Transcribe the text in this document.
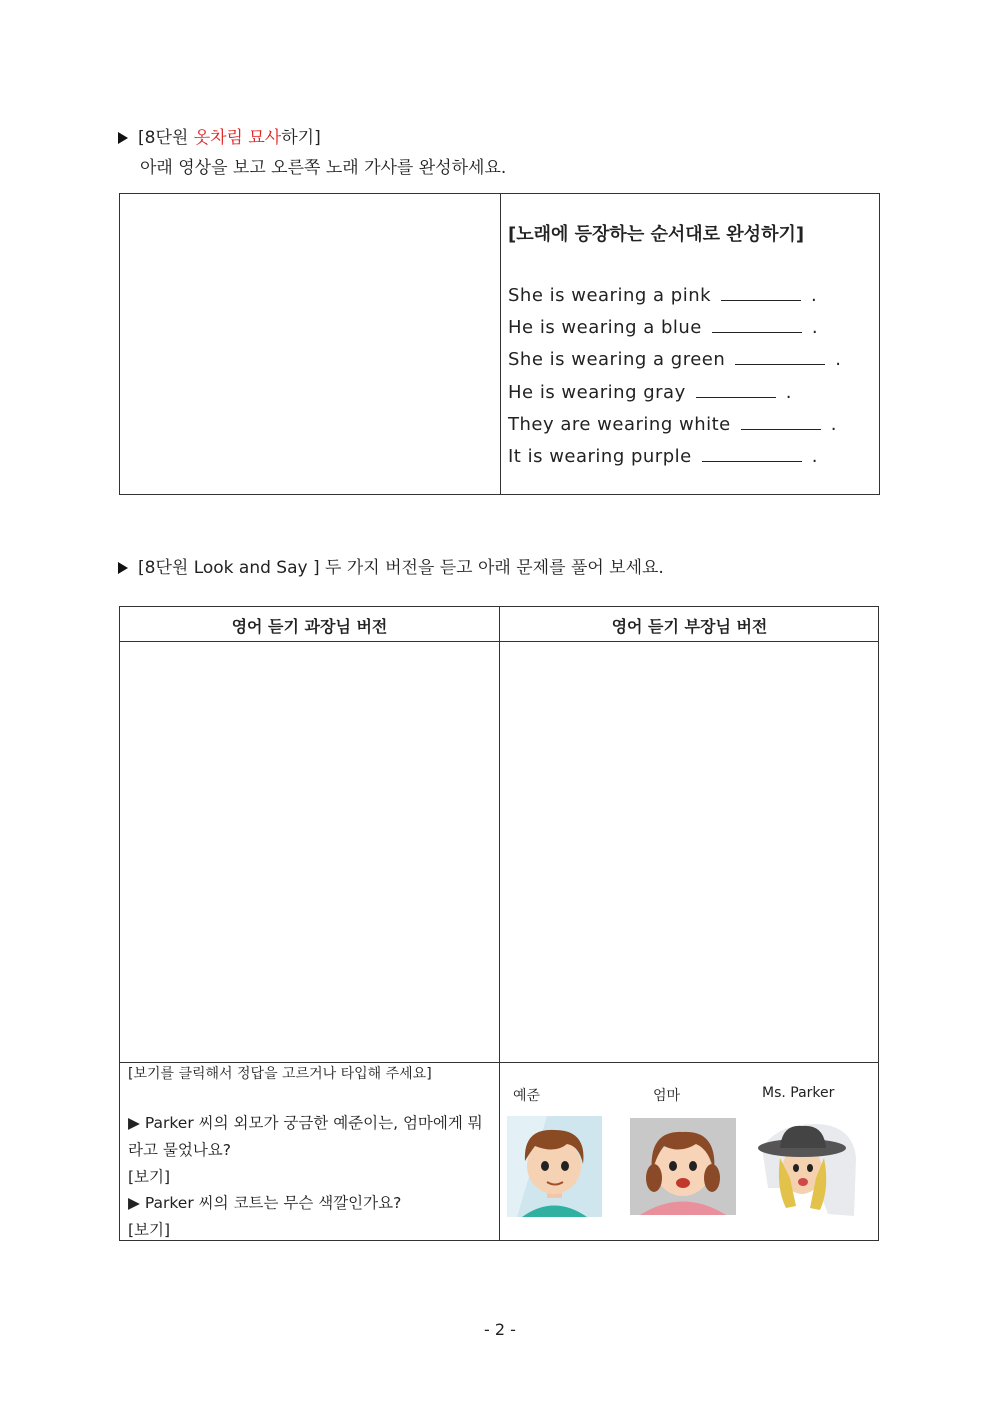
[8단원 옷차림 묘사하기]
아래 영상을 보고 오른쪽 노래 가사를 완성하세요.
[노래에 등장하는 순서대로 완성하기]
She is wearing a pink	.
He is wearing a blue	.
She is wearing a green	.
He is wearing gray	.
They are wearing white	.
It is wearing purple	.
[8단원 Look and Say ] 두 가지 버전을 듣고 아래 문제를 풀어 보세요.
영어 듣기 과장님 버전	영어 듣기 부장님 버전
[보기를 클릭해서 정답을 고르거나 타입해 주세요]
▶ Parker 씨의 외모가 궁금한 예준이는, 엄마에게 뭐라고 물었나요?
[보기]
▶ Parker 씨의 코트는 무슨 색깔인가요?
[보기]
예준	엄마	Ms. Parker
- 2 -
